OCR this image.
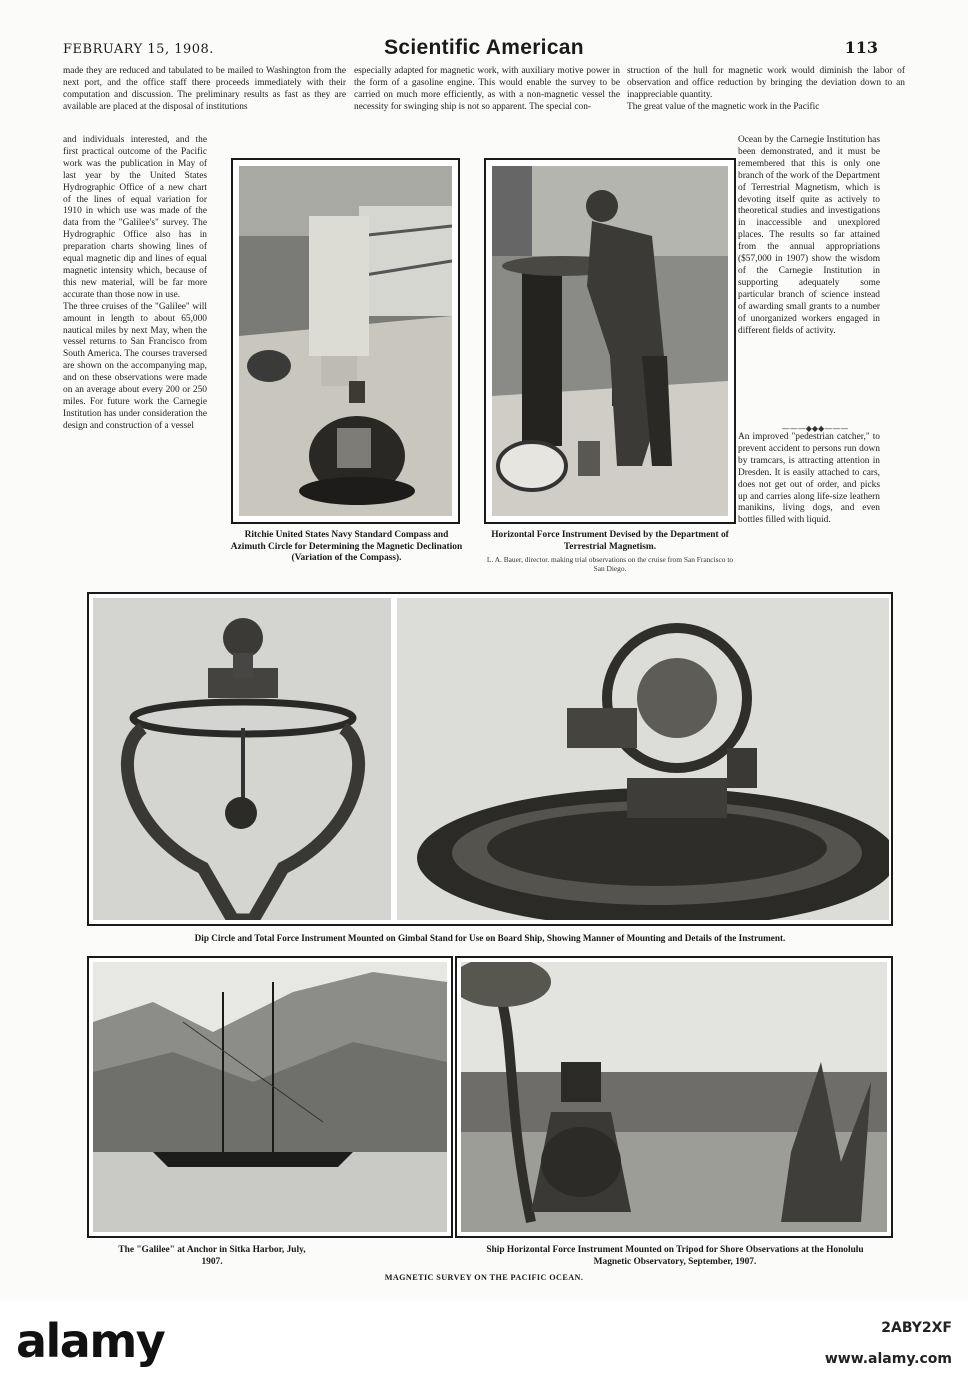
FEBRUARY 15, 1908.	Scientific American	113
made they are reduced and tabulated to be mailed to Washington from the next port, and the office staff there proceeds immediately with their computation and discussion. The preliminary results as fast as they are available are placed at the disposal of institutions
and individuals interested, and the first practical outcome of the Pacific work was the publication in May of last year by the United States Hydrographic Office of a new chart of the lines of equal variation for 1910 in which use was made of the data from the "Galilee's" survey. The Hydrographic Office also has in preparation charts showing lines of equal magnetic dip and lines of equal magnetic intensity which, because of this new material, will be far more accurate than those now in use.
The three cruises of the "Galilee" will amount in length to about 65,000 nautical miles by next May, when the vessel returns to San Francisco from South America. The courses traversed are shown on the accompanying map, and on these observations were made on an average about every 200 or 250 miles. For future work the Carnegie Institution has under consideration the design and construction of a vessel
especially adapted for magnetic work, with auxiliary motive power in the form of a gasoline engine. This would enable the survey to be carried on much more efficiently, as with a non-magnetic vessel the necessity for swinging ship is not so apparent. The special con-
struction of the hull for magnetic work would diminish the labor of observation and office reduction by bringing the deviation down to an inappreciable quantity.
The great value of the magnetic work in the Pacific
Ocean by the Carnegie Institution has been demonstrated, and it must be remembered that this is only one branch of the work of the Department of Terrestrial Magnetism, which is devoting itself quite as actively to theoretical studies and investigations in inaccessible and unexplored places. The results so far attained from the annual appropriations ($57,000 in 1907) show the wisdom of the Carnegie Institution in supporting adequately some particular branch of science instead of awarding small grants to a number of unorganized workers engaged in different fields of activity.
———◆◆◆———
An improved "pedestrian catcher," to prevent accident to persons run down by tramcars, is attracting attention in Dresden. It is easily attached to cars, does not get out of order, and picks up and carries along life-size leathern manikins, living dogs, and even bottles filled with liquid.
Ritchie United States Navy Standard Compass and Azimuth Circle for Determining the Magnetic Declination (Variation of the Compass).
Horizontal Force Instrument Devised by the Department of Terrestrial Magnetism.
L. A. Bauer, director. making trial observations on the cruise from San Francisco to San Diego.
Dip Circle and Total Force Instrument Mounted on Gimbal Stand for Use on Board Ship, Showing Manner of Mounting and Details of the Instrument.
The "Galilee" at Anchor in Sitka Harbor, July, 1907.
Ship Horizontal Force Instrument Mounted on Tripod for Shore Observations at the Honolulu Magnetic Observatory, September, 1907.
MAGNETIC SURVEY ON THE PACIFIC OCEAN.
alamy	2ABY2XF
www.alamy.com
